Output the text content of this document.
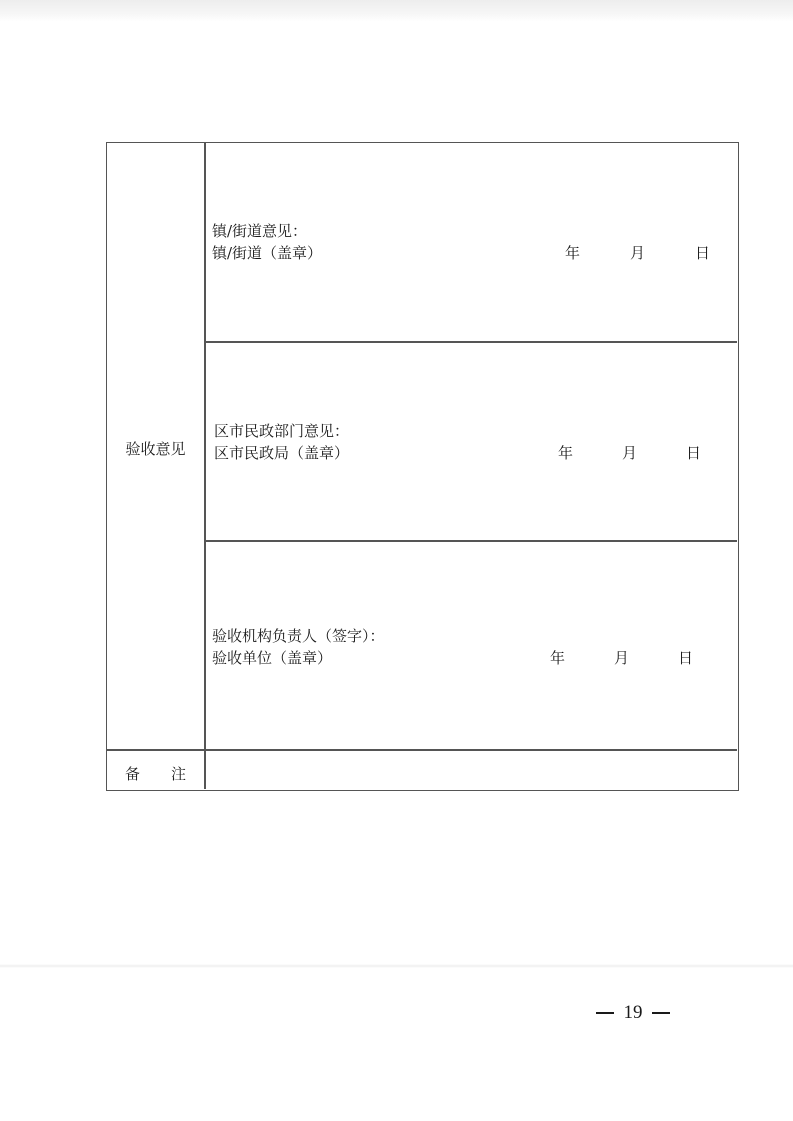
验收意见
镇/街道意见：
镇/街道（盖章）	年	月	日
区市民政部门意见：
区市民政局（盖章）	年	月	日
验收机构负责人（签字）：
验收单位（盖章）	年	月	日
备 注
19
